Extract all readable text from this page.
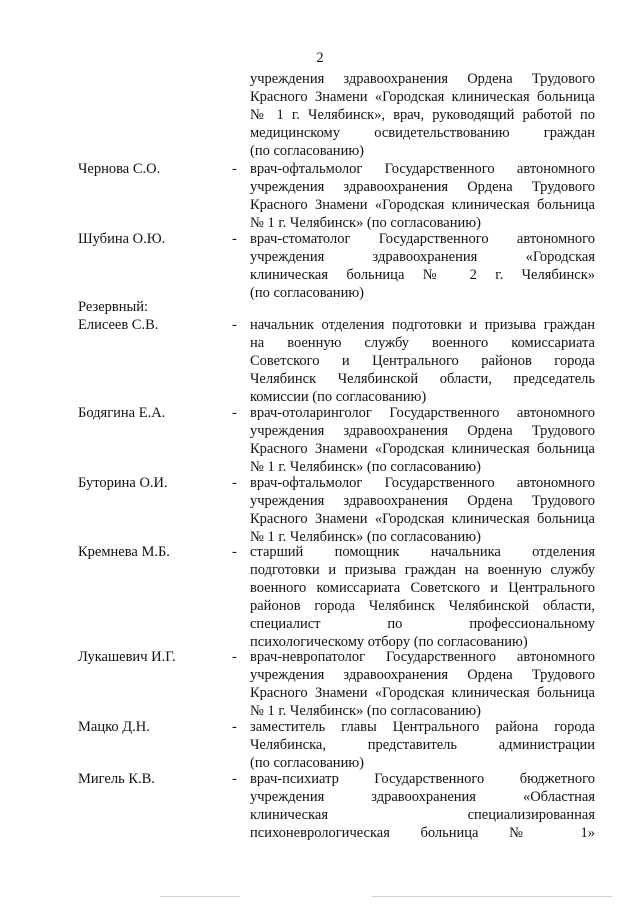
2
учреждения здравоохранения Ордена Трудового
Красного Знамени «Городская клиническая больница
№ 1 г. Челябинск», врач, руководящий работой по
медицинскому освидетельствованию граждан
(по согласованию)
Чернова С.О.	- врач-офтальмолог Государственного автономного
учреждения здравоохранения Ордена Трудового
Красного Знамени «Городская клиническая больница
№ 1 г. Челябинск» (по согласованию)
Шубина О.Ю.	- врач-стоматолог Государственного автономного
учреждения здравоохранения «Городская
клиническая больница № 2 г. Челябинск»
(по согласованию)
Резервный:
Елисеев С.В.	- начальник отделения подготовки и призыва граждан
на военную службу военного комиссариата
Советского и Центрального районов города
Челябинск Челябинской области, председатель
комиссии (по согласованию)
Бодягина Е.А.	- врач-отоларинголог Государственного автономного
учреждения здравоохранения Ордена Трудового
Красного Знамени «Городская клиническая больница
№ 1 г. Челябинск» (по согласованию)
Буторина О.И.	- врач-офтальмолог Государственного автономного
учреждения здравоохранения Ордена Трудового
Красного Знамени «Городская клиническая больница
№ 1 г. Челябинск» (по согласованию)
Кремнева М.Б.	- старший помощник начальника отделения
подготовки и призыва граждан на военную службу
военного комиссариата Советского и Центрального
районов города Челябинск Челябинской области,
специалист по профессиональному
психологическому отбору (по согласованию)
Лукашевич И.Г.	- врач-невропатолог Государственного автономного
учреждения здравоохранения Ордена Трудового
Красного Знамени «Городская клиническая больница
№ 1 г. Челябинск» (по согласованию)
Мацко Д.Н.	- заместитель главы Центрального района города
Челябинска, представитель администрации
(по согласованию)
Мигель К.В.	- врач-психиатр Государственного бюджетного
учреждения здравоохранения «Областная
клиническая специализированная
психоневрологическая больница № 1»
